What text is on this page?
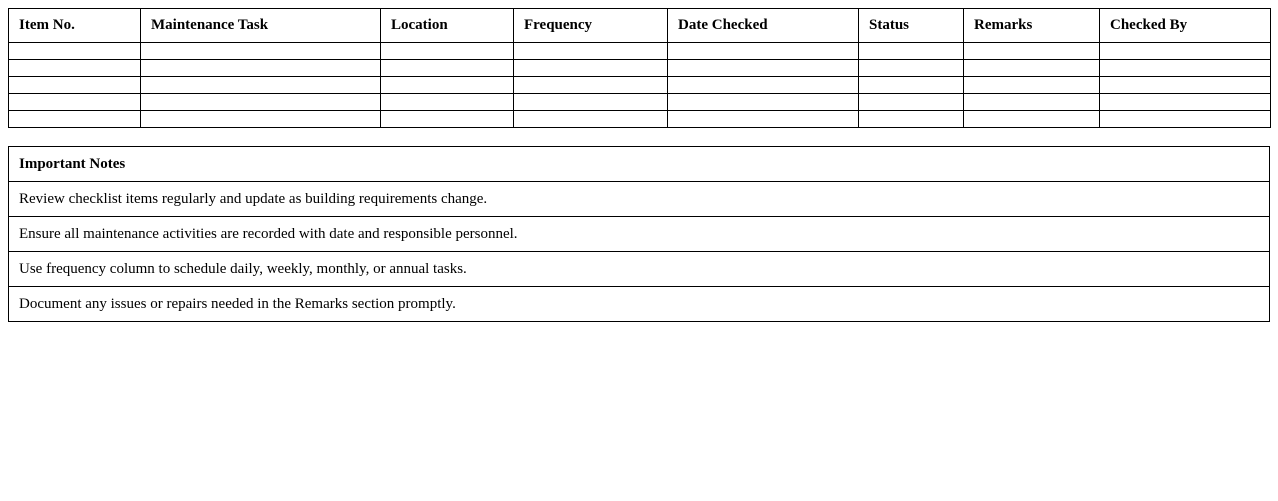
Item No.	Maintenance Task	Location	Frequency	Date Checked	Status	Remarks	Checked By

Important Notes
Review checklist items regularly and update as building requirements change.
Ensure all maintenance activities are recorded with date and responsible personnel.
Use frequency column to schedule daily, weekly, monthly, or annual tasks.
Document any issues or repairs needed in the Remarks section promptly.
